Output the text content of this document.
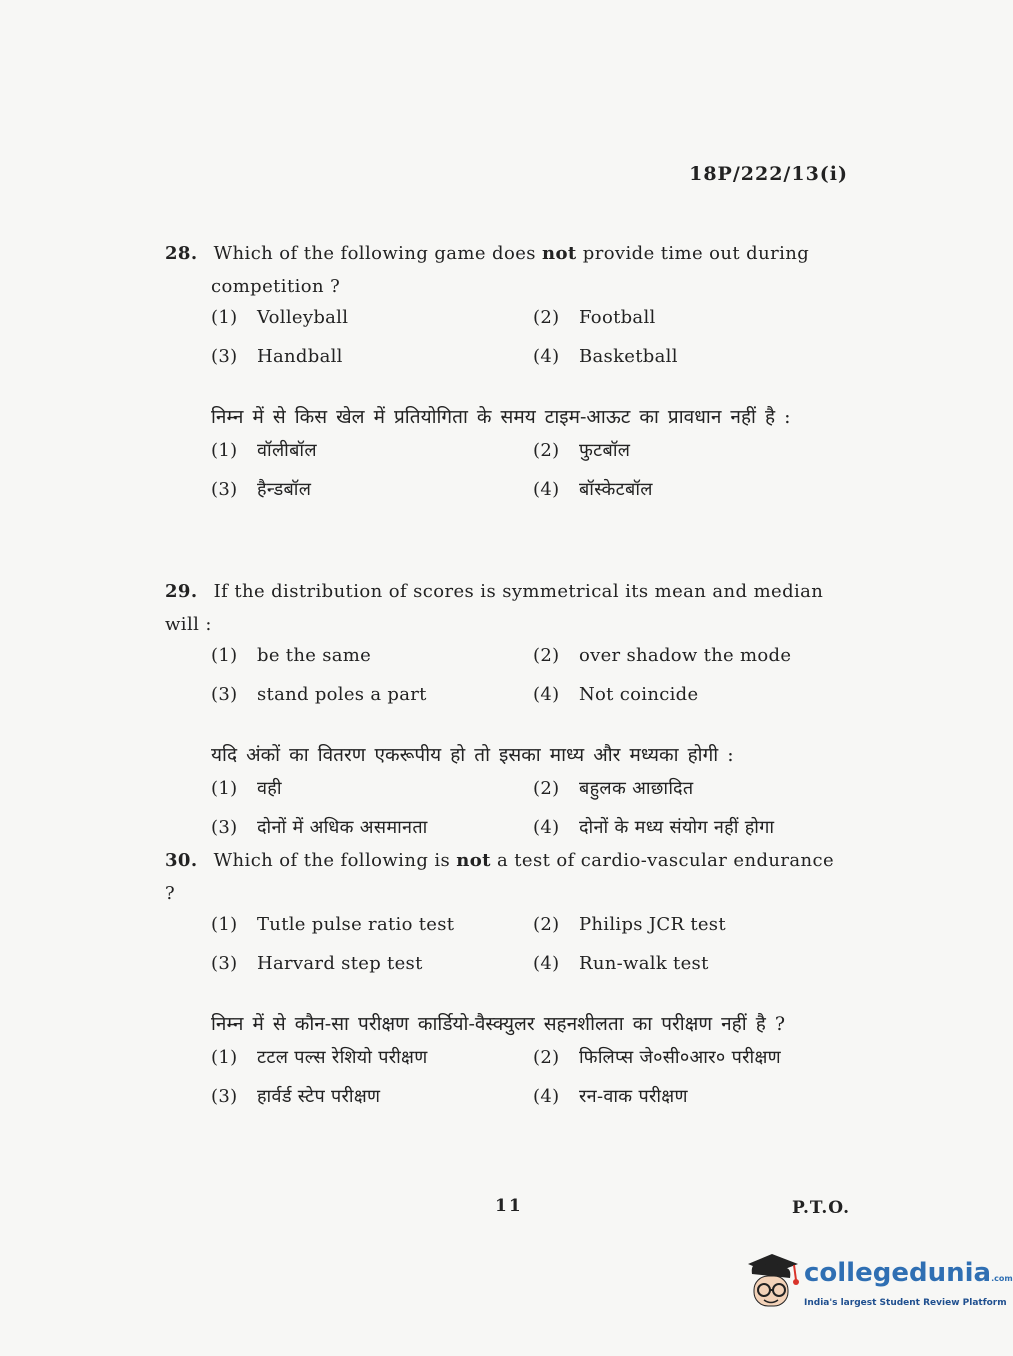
18P/222/13(i)
28. Which of the following game does not provide time out during
competition ?
(1) Volleyball	(2) Football
(3) Handball	(4) Basketball
निम्न में से किस खेल में प्रतियोगिता के समय टाइम-आऊट का प्रावधान नहीं है :
(1) वॉलीबॉल	(2) फुटबॉल
(3) हैन्डबॉल	(4) बॉस्केटबॉल
29. If the distribution of scores is symmetrical its mean and median will :
(1) be the same	(2) over shadow the mode
(3) stand poles a part	(4) Not coincide
यदि अंकों का वितरण एकरूपीय हो तो इसका माध्य और मध्यका होगी :
(1) वही	(2) बहुलक आछादित
(3) दोनों में अधिक असमानता	(4) दोनों के मध्य संयोग नहीं होगा
30. Which of the following is not a test of cardio-vascular endurance ?
(1) Tutle pulse ratio test	(2) Philips JCR test
(3) Harvard step test	(4) Run-walk test
निम्न में से कौन-सा परीक्षण कार्डियो-वैस्क्युलर सहनशीलता का परीक्षण नहीं है ?
(1) टटल पल्स रेशियो परीक्षण	(2) फिलिप्स जे०सी०आर० परीक्षण
(3) हार्वर्ड स्टेप परीक्षण	(4) रन-वाक परीक्षण
11	P.T.O.
collegedunia.com
India's largest Student Review Platform
